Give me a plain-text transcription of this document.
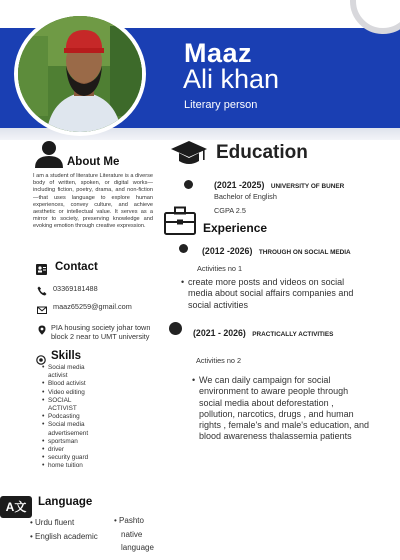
Maaz
Ali khan
Literary person
About Me
I am a student of literature Literature is a diverse body of written, spoken, or digital works—including fiction, poetry, drama, and non-fiction—that uses language to explore human experiences, convey culture, and achieve aesthetic or intellectual value. It serves as a mirror to society, preserving knowledge and evoking emotion through creative expression.
Contact
03369181488
maaz65259@gmail.com
PIA housing society johar town block 2 near to UMT university
Skills
• Social media
activist
• Blood activist
• Video editing
• SOCIAL
ACTIVIST
• Podcasting
• Social media
advertisement
• sportsman
• driver
• security guard
• home tuition
A文	Language
• Urdu fluent
• English academic
• Pashto
native
language
Education
(2021 -2025) UNIVERSITY OF BUNER
Bachelor of English
CGPA 2.5
Experience
(2012 -2026) THROUGH ON SOCIAL MEDIA
Activities no 1
• create more posts and videos on social media about social affairs companies and social activities
(2021 - 2026) PRACTICALLY ACTIVITIES
Activities no 2
• We can daily campaign for social environment to aware people through social media about deforestation , pollution, narcotics, drugs , and human rights , female's and male's education, and blood awareness thalassemia patients
